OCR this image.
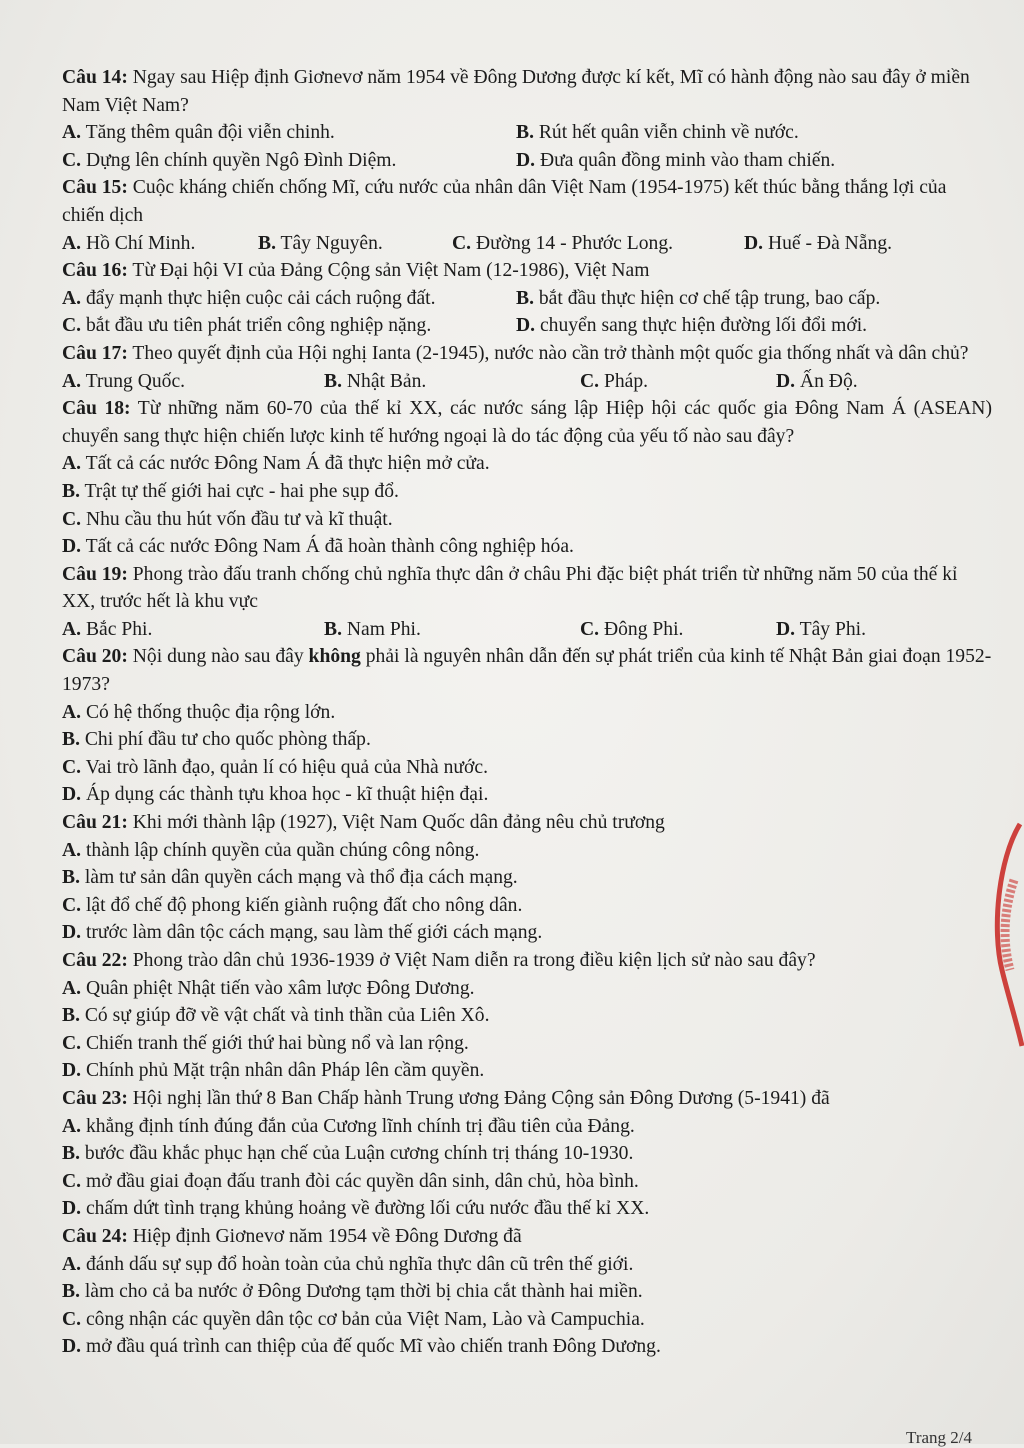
Câu 14: Ngay sau Hiệp định Giơnevơ năm 1954 về Đông Dương được kí kết, Mĩ có hành động nào sau đây ở miền Nam Việt Nam?
A. Tăng thêm quân đội viễn chinh.	B. Rút hết quân viễn chinh về nước.
C. Dựng lên chính quyền Ngô Đình Diệm.	D. Đưa quân đồng minh vào tham chiến.
Câu 15: Cuộc kháng chiến chống Mĩ, cứu nước của nhân dân Việt Nam (1954-1975) kết thúc bằng thắng lợi của chiến dịch
A. Hồ Chí Minh.	B. Tây Nguyên.	C. Đường 14 - Phước Long.	D. Huế - Đà Nẵng.
Câu 16: Từ Đại hội VI của Đảng Cộng sản Việt Nam (12-1986), Việt Nam
A. đẩy mạnh thực hiện cuộc cải cách ruộng đất.	B. bắt đầu thực hiện cơ chế tập trung, bao cấp.
C. bắt đầu ưu tiên phát triển công nghiệp nặng.	D. chuyển sang thực hiện đường lối đổi mới.
Câu 17: Theo quyết định của Hội nghị Ianta (2-1945), nước nào cần trở thành một quốc gia thống nhất và dân chủ?
A. Trung Quốc.	B. Nhật Bản.	C. Pháp.	D. Ấn Độ.
Câu 18: Từ những năm 60-70 của thế kỉ XX, các nước sáng lập Hiệp hội các quốc gia Đông Nam Á (ASEAN) chuyển sang thực hiện chiến lược kinh tế hướng ngoại là do tác động của yếu tố nào sau đây?
A. Tất cả các nước Đông Nam Á đã thực hiện mở cửa.
B. Trật tự thế giới hai cực - hai phe sụp đổ.
C. Nhu cầu thu hút vốn đầu tư và kĩ thuật.
D. Tất cả các nước Đông Nam Á đã hoàn thành công nghiệp hóa.
Câu 19: Phong trào đấu tranh chống chủ nghĩa thực dân ở châu Phi đặc biệt phát triển từ những năm 50 của thế kỉ XX, trước hết là khu vực
A. Bắc Phi.	B. Nam Phi.	C. Đông Phi.	D. Tây Phi.
Câu 20: Nội dung nào sau đây không phải là nguyên nhân dẫn đến sự phát triển của kinh tế Nhật Bản giai đoạn 1952-1973?
A. Có hệ thống thuộc địa rộng lớn.
B. Chi phí đầu tư cho quốc phòng thấp.
C. Vai trò lãnh đạo, quản lí có hiệu quả của Nhà nước.
D. Áp dụng các thành tựu khoa học - kĩ thuật hiện đại.
Câu 21: Khi mới thành lập (1927), Việt Nam Quốc dân đảng nêu chủ trương
A. thành lập chính quyền của quần chúng công nông.
B. làm tư sản dân quyền cách mạng và thổ địa cách mạng.
C. lật đổ chế độ phong kiến giành ruộng đất cho nông dân.
D. trước làm dân tộc cách mạng, sau làm thế giới cách mạng.
Câu 22: Phong trào dân chủ 1936-1939 ở Việt Nam diễn ra trong điều kiện lịch sử nào sau đây?
A. Quân phiệt Nhật tiến vào xâm lược Đông Dương.
B. Có sự giúp đỡ về vật chất và tinh thần của Liên Xô.
C. Chiến tranh thế giới thứ hai bùng nổ và lan rộng.
D. Chính phủ Mặt trận nhân dân Pháp lên cầm quyền.
Câu 23: Hội nghị lần thứ 8 Ban Chấp hành Trung ương Đảng Cộng sản Đông Dương (5-1941) đã
A. khẳng định tính đúng đắn của Cương lĩnh chính trị đầu tiên của Đảng.
B. bước đầu khắc phục hạn chế của Luận cương chính trị tháng 10-1930.
C. mở đầu giai đoạn đấu tranh đòi các quyền dân sinh, dân chủ, hòa bình.
D. chấm dứt tình trạng khủng hoảng về đường lối cứu nước đầu thế kỉ XX.
Câu 24: Hiệp định Giơnevơ năm 1954 về Đông Dương đã
A. đánh dấu sự sụp đổ hoàn toàn của chủ nghĩa thực dân cũ trên thế giới.
B. làm cho cả ba nước ở Đông Dương tạm thời bị chia cắt thành hai miền.
C. công nhận các quyền dân tộc cơ bản của Việt Nam, Lào và Campuchia.
D. mở đầu quá trình can thiệp của đế quốc Mĩ vào chiến tranh Đông Dương.
Trang 2/4
